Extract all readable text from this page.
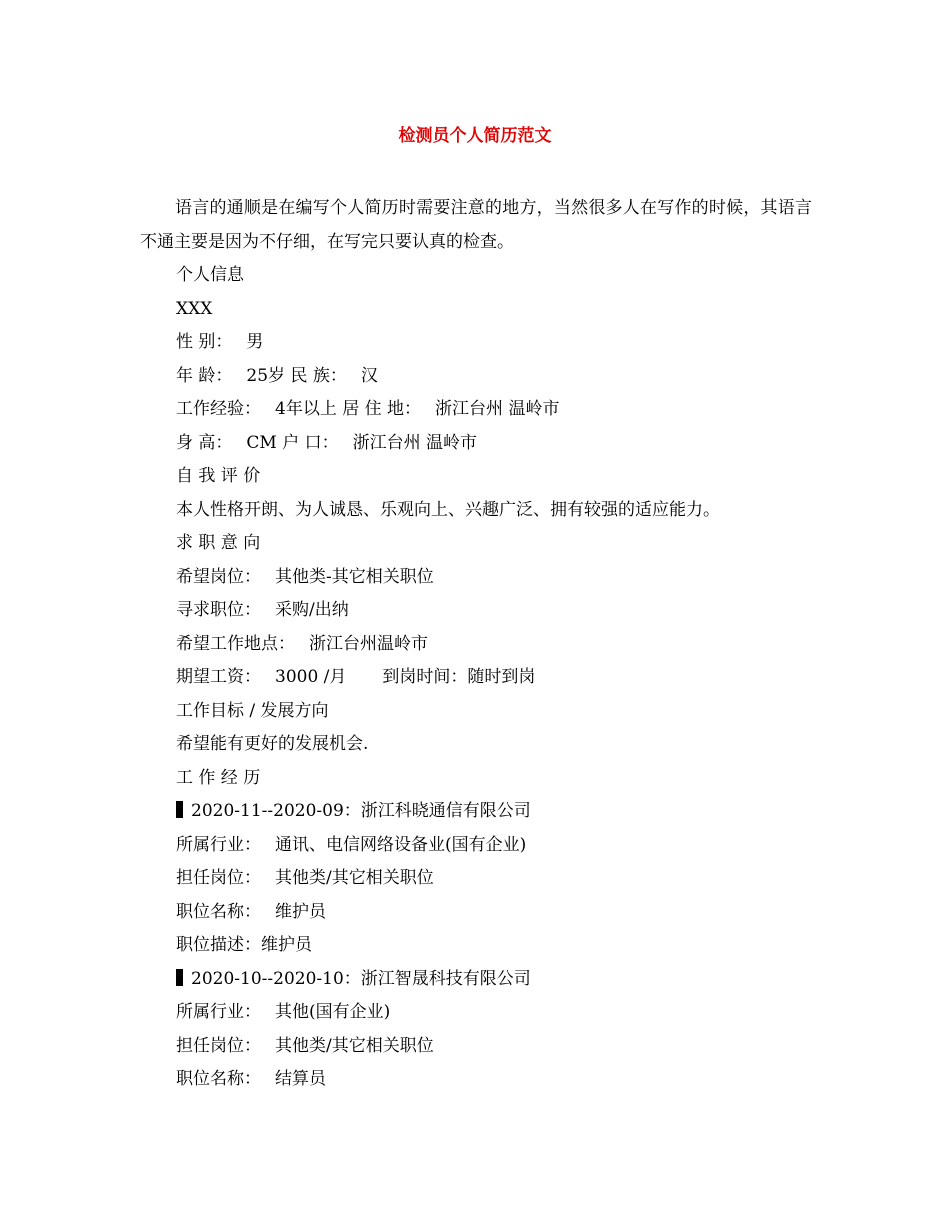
检测员个人简历范文
语言的通顺是在编写个人简历时需要注意的地方，当然很多人在写作的时候，其语言不通主要是因为不仔细，在写完只要认真的检查。
个人信息
XXX
性 别： 男
年 龄： 25岁 民 族： 汉
工作经验： 4年以上 居 住 地： 浙江台州 温岭市
身 高： CM 户 口： 浙江台州 温岭市
自 我 评 价
本人性格开朗、为人诚恳、乐观向上、兴趣广泛、拥有较强的适应能力。
求 职 意 向
希望岗位： 其他类-其它相关职位
寻求职位： 采购/出纳
希望工作地点： 浙江台州温岭市
期望工资： 3000 /月 到岗时间：随时到岗
工作目标 / 发展方向
希望能有更好的发展机会.
工 作 经 历
2020-11--2020-09：浙江科晓通信有限公司
所属行业： 通讯、电信网络设备业(国有企业)
担任岗位： 其他类/其它相关职位
职位名称： 维护员
职位描述：维护员
2020-10--2020-10：浙江智晟科技有限公司
所属行业： 其他(国有企业)
担任岗位： 其他类/其它相关职位
职位名称： 结算员
